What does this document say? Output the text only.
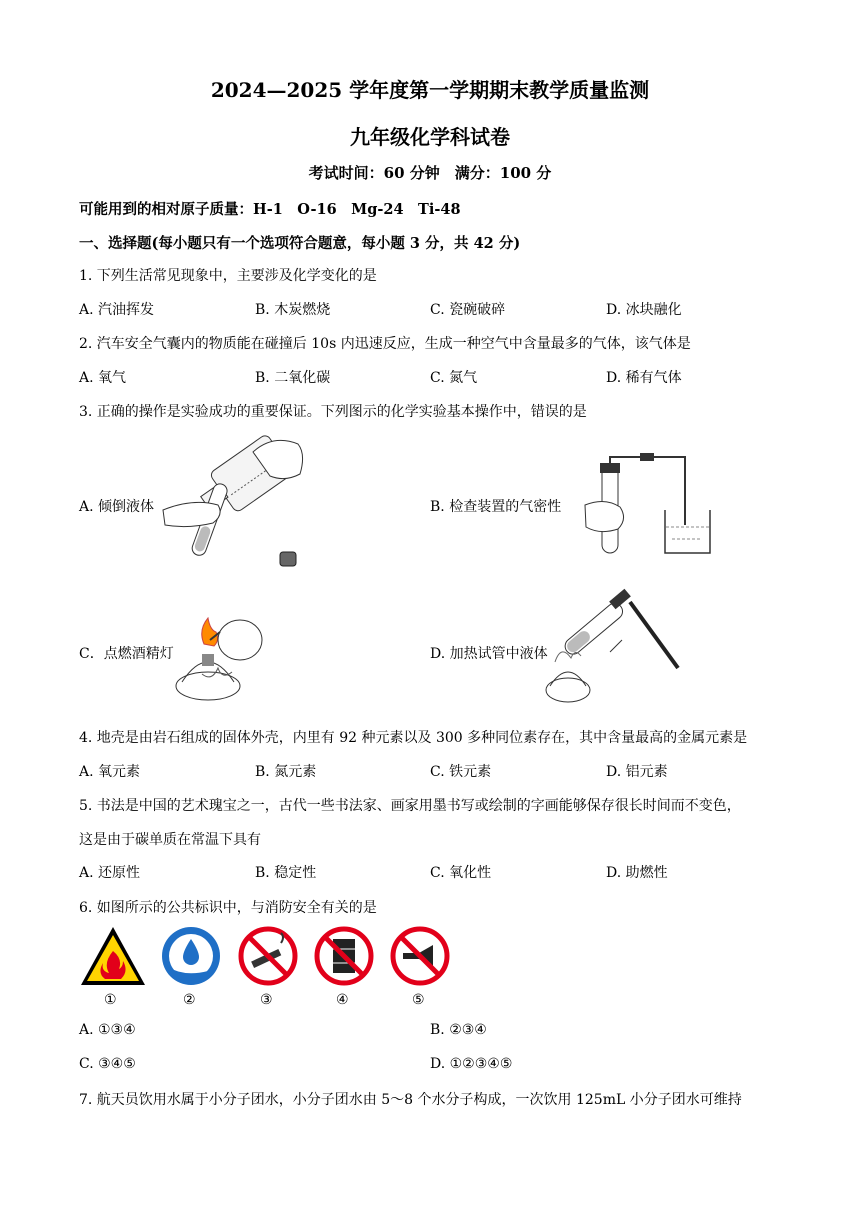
2024—2025 学年度第一学期期末教学质量监测
九年级化学科试卷
考试时间：60 分钟　满分：100 分
可能用到的相对原子质量：H-1　O-16　Mg-24　Ti-48
一、选择题(每小题只有一个选项符合题意，每小题 3 分，共 42 分)
1. 下列生活常见现象中，主要涉及化学变化的是
A. 汽油挥发	B. 木炭燃烧	C. 瓷碗破碎	D. 冰块融化
2. 汽车安全气囊内的物质能在碰撞后 10s 内迅速反应，生成一种空气中含量最多的气体，该气体是
A. 氧气	B. 二氧化碳	C. 氮气	D. 稀有气体
3. 正确的操作是实验成功的重要保证。下列图示的化学实验基本操作中，错误的是
A. 倾倒液体	B. 检查装置的气密性
C．点燃酒精灯	D. 加热试管中液体
4. 地壳是由岩石组成的固体外壳，内里有 92 种元素以及 300 多种同位素存在，其中含量最高的金属元素是
A. 氧元素	B. 氮元素	C. 铁元素	D. 铝元素
5. 书法是中国的艺术瑰宝之一，古代一些书法家、画家用墨书写或绘制的字画能够保存很长时间而不变色，
这是由于碳单质在常温下具有
A. 还原性	B. 稳定性	C. 氧化性	D. 助燃性
6. 如图所示的公共标识中，与消防安全有关的是
①	②	③	④	⑤
A. ①③④	B. ②③④
C. ③④⑤	D. ①②③④⑤
7. 航天员饮用水属于小分子团水，小分子团水由 5～8 个水分子构成，一次饮用 125mL 小分子团水可维持
